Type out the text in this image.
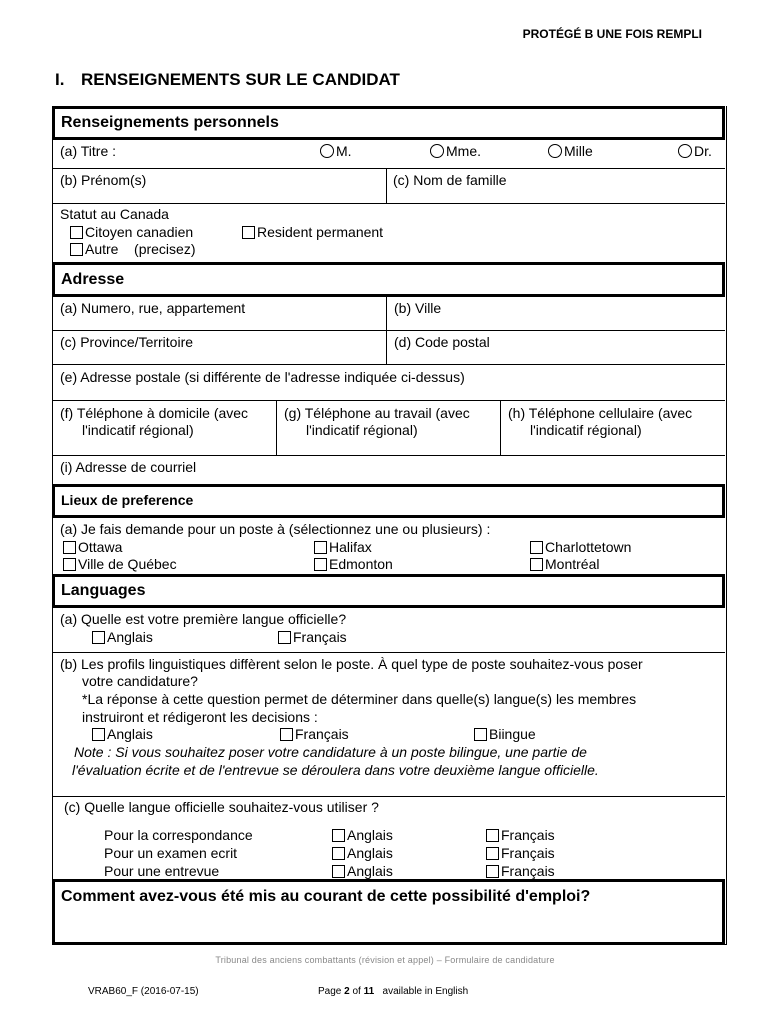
PROTÉGÉ B UNE FOIS REMPLI
I. RENSEIGNEMENTS SUR LE CANDIDAT
Renseignements personnels
(a) Titre :	M.	Mme.	Mille	Dr.
(b) Prénom(s)	(c) Nom de famille
Statut au Canada
Citoyen canadien	Resident permanent
Autre (precisez)
Adresse
(a) Numero, rue, appartement	(b) Ville
(c) Province/Territoire	(d) Code postal
(e) Adresse postale (si différente de l'adresse indiquée ci-dessus)
(f) Téléphone à domicile (avec
l'indicatif régional)
(g) Téléphone au travail (avec
l'indicatif régional)
(h) Téléphone cellulaire (avec
l'indicatif régional)
(i) Adresse de courriel
Lieux de preference
(a) Je fais demande pour un poste à (sélectionnez une ou plusieurs) :
Ottawa	Halifax	Charlottetown
Ville de Québec	Edmonton	Montréal
Languages
(a) Quelle est votre première langue officielle?
Anglais	Français
(b) Les profils linguistiques diffèrent selon le poste. À quel type de poste souhaitez-vous poser
votre candidature?
*La réponse à cette question permet de déterminer dans quelle(s) langue(s) les membres
instruiront et rédigeront les decisions :
Anglais	Français	Biingue
Note : Si vous souhaitez poser votre candidature à un poste bilingue, une partie de
l'évaluation écrite et de l'entrevue se déroulera dans votre deuxième langue officielle.
(c) Quelle langue officielle souhaitez-vous utiliser ?
Pour la correspondance	Anglais	Français
Pour un examen ecrit	Anglais	Français
Pour une entrevue	Anglais	Français
Comment avez-vous été mis au courant de cette possibilité d'emploi?
Tribunal des anciens combattants (révision et appel) – Formulaire de candidature
VRAB60_F (2016-07-15)	Page 2 of 11 available in English
